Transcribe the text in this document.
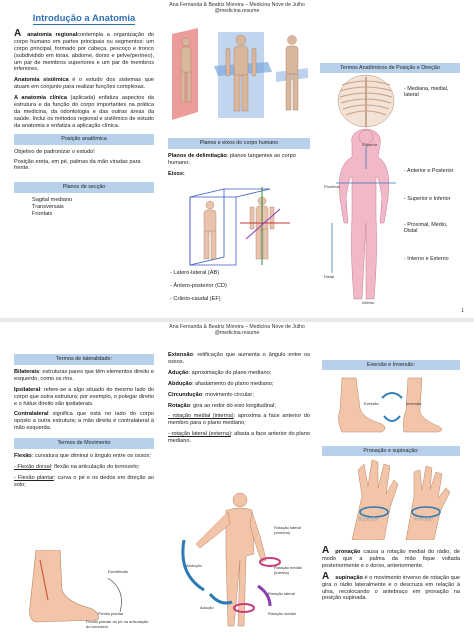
Ana Fernanda & Beatriz Moreira – Medicina Nove de Julho
@medicina.resume
Introdução a Anatomia

A anatomia regionalcontempla a organização do corpo humano em partes principais ou segmentos: um corpo principal, formado por cabeça, pescoço e tronco (subdividido em tórax, abdome, dorso e pelve/períneo), um par de membros superiores e um par de membros inferiores.

Anatomia sistêmica é o estudo dos sistemas que atuam em conjunto para realizar funções complexas.

A anatomia clínica (aplicada) enfatiza aspectos da estrutura e da função do corpo importantes na prática da medicina, da odontologia e das outras áreas da saúde. Inclui os métodos regional e sistêmico de estudo da anatomia e enfatiza a aplicação clínica.

Posição anatômica
Objetivo de padronizar o estudo!
Posição ereta, em pé, palmas da mão viradas para frente.
Planos de secção
Sagital mediano
Transversais
Frontais
Termos Anatômicos de Posição e Direção
Superior
Inferior
Proximal
Distal
- Mediana, medial, lateral
- Anterior e Posterior
- Superior e Inferior
- Proximal, Médio, Distal
- Interno e Externo
Planos e eixos do corpo humano

Planos de delimitação: planos tangentes ao corpo humano;

Eixos:
- Latero-lateral (AB)
- Ântero-posterior (CD)
- Crânio-caudal (EF)
1
Ana Fernanda & Beatriz Moreira – Medicina Nove de Julho
@medicina.resume
Termos de lateralidade:

Bilaterais: estruturas pares que têm elementos direito e esquerdo, como os rins.

Ipsilateral: refere-se a algo situado do mesmo lado do corpo que outra estrutura; por exemplo, o polegar direito e o hálux direito são ipsilaterais.

Contralateral significa que está no lado do corpo oposto a outra estrutura; a mão direita é contralateral à mão esquerda.

Termos de Movimento

Flexão: curvatura que diminui o ângulo entre os ossos;

- Flexão dorsal: flexão na articulação do tornozelo;

- Flexão plantar: curva o pé e os dedos em direção ao solo;

Dorsiflexão
Flexão plantar
Flexão plantar do pé na articulação do tornozelo

Extensão: retificação que aumenta o ângulo entre os ossos.

Adução: aproximação do plano mediano;

Abdução: afastamento do plano mediano;

Circundução: movimento circular;

Rotação: gira ao redor do eixo longitudinal;

- rotação medial (interna): aproxima a face anterior do membro para o plano mediano;

- rotação lateral (externa): afasta a face anterior do plano mediano.

Abdução
Adução
Rotação lateral (externa)
Rotação medial (interna)
Rotação lateral
Rotação medial
Eversão e Inversão:
Eversão	Inversão
Pronação e supinação:
Supinação	Pronação

A pronação causa a rotação medial do rádio, de modo que a palma da mão fique voltada posteriormente e o dorso, anteriormente.

A supinação é o movimento inverso de rotação que gira o rádio lateralmente e o descruza em relação à ulna, recolocando o antebraço em pronação na posição supinada.
